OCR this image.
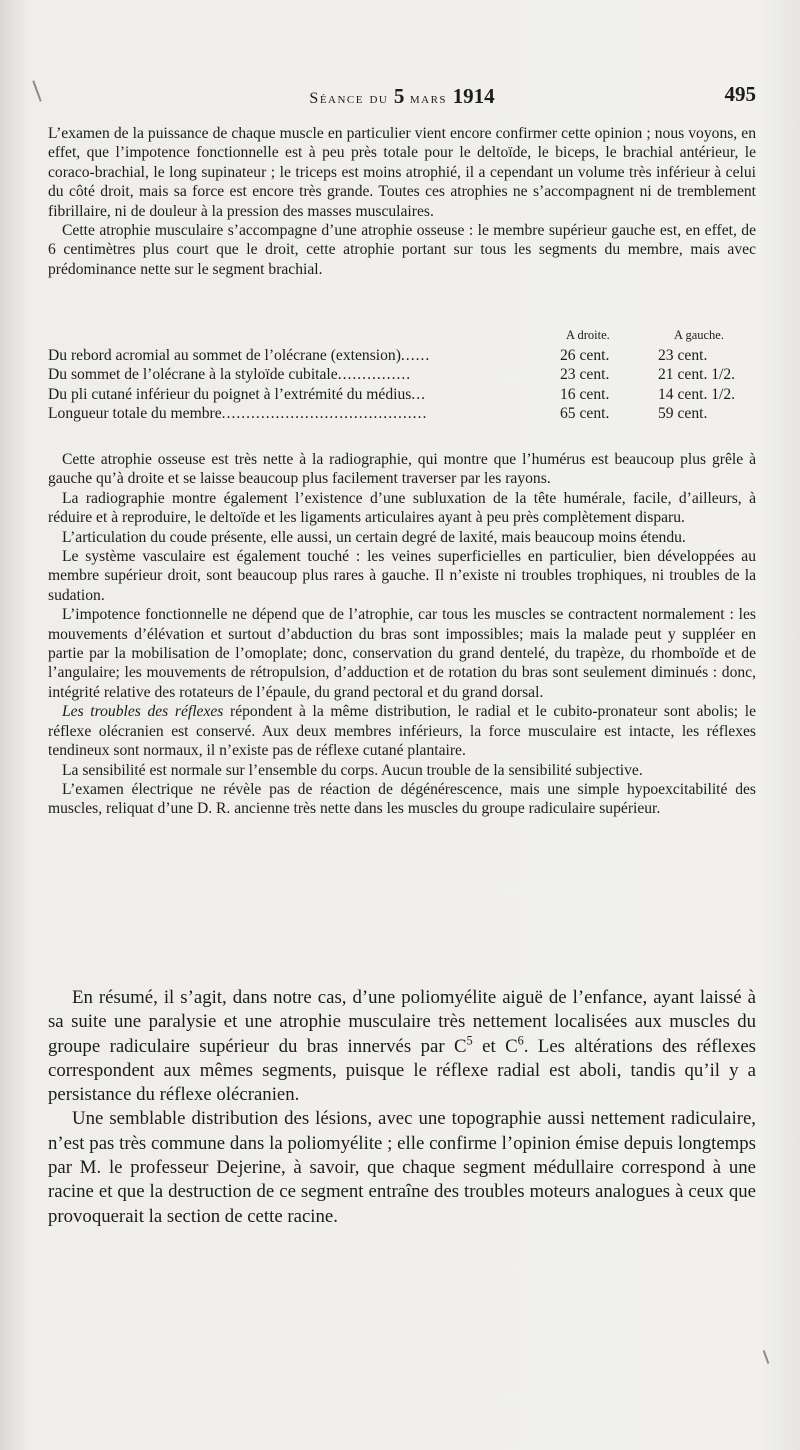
Séance du 5 mars 1914	495

L’examen de la puissance de chaque muscle en particulier vient encore confirmer cette opinion ; nous voyons, en effet, que l’impotence fonctionnelle est à peu près totale pour le deltoïde, le biceps, le brachial antérieur, le coraco-brachial, le long supinateur ; le triceps est moins atrophié, il a cependant un volume très inférieur à celui du côté droit, mais sa force est encore très grande. Toutes ces atrophies ne s’accompagnent ni de tremblement fibrillaire, ni de douleur à la pression des masses musculaires.

Cette atrophie musculaire s’accompagne d’une atrophie osseuse : le membre supérieur gauche est, en effet, de 6 centimètres plus court que le droit, cette atrophie portant sur tous les segments du membre, mais avec prédominance nette sur le segment brachial.

A droite.	A gauche.
Du rebord acromial au sommet de l’olécrane (extension)......	26 cent.	23 cent.
Du sommet de l’olécrane à la styloïde cubitale...............	23 cent.	21 cent. 1/2.
Du pli cutané inférieur du poignet à l’extrémité du médius...	16 cent.	14 cent. 1/2.
Longueur totale du membre..........................................	65 cent.	59 cent.

Cette atrophie osseuse est très nette à la radiographie, qui montre que l’humérus est beaucoup plus grêle à gauche qu’à droite et se laisse beaucoup plus facilement traverser par les rayons.

La radiographie montre également l’existence d’une subluxation de la tête humérale, facile, d’ailleurs, à réduire et à reproduire, le deltoïde et les ligaments articulaires ayant à peu près complètement disparu.

L’articulation du coude présente, elle aussi, un certain degré de laxité, mais beaucoup moins étendu.

Le système vasculaire est également touché : les veines superficielles en particulier, bien développées au membre supérieur droit, sont beaucoup plus rares à gauche. Il n’existe ni troubles trophiques, ni troubles de la sudation.

L’impotence fonctionnelle ne dépend que de l’atrophie, car tous les muscles se contractent normalement : les mouvements d’élévation et surtout d’abduction du bras sont impossibles; mais la malade peut y suppléer en partie par la mobilisation de l’omoplate; donc, conservation du grand dentelé, du trapèze, du rhomboïde et de l’angulaire; les mouvements de rétropulsion, d’adduction et de rotation du bras sont seulement diminués : donc, intégrité relative des rotateurs de l’épaule, du grand pectoral et du grand dorsal.

Les troubles des réflexes répondent à la même distribution, le radial et le cubito-pronateur sont abolis; le réflexe olécranien est conservé. Aux deux membres inférieurs, la force musculaire est intacte, les réflexes tendineux sont normaux, il n’existe pas de réflexe cutané plantaire.

La sensibilité est normale sur l’ensemble du corps. Aucun trouble de la sensibilité subjective.

L’examen électrique ne révèle pas de réaction de dégénérescence, mais une simple hypoexcitabilité des muscles, reliquat d’une D. R. ancienne très nette dans les muscles du groupe radiculaire supérieur.

En résumé, il s’agit, dans notre cas, d’une poliomyélite aiguë de l’enfance, ayant laissé à sa suite une paralysie et une atrophie musculaire très nettement localisées aux muscles du groupe radiculaire supérieur du bras innervés par $C^5$ et $C^6$. Les altérations des réflexes correspondent aux mêmes segments, puisque le réflexe radial est aboli, tandis qu’il y a persistance du réflexe olécranien.

Une semblable distribution des lésions, avec une topographie aussi nettement radiculaire, n’est pas très commune dans la poliomyélite ; elle confirme l’opinion émise depuis longtemps par M. le professeur Dejerine, à savoir, que chaque segment médullaire correspond à une racine et que la destruction de ce segment entraîne des troubles moteurs analogues à ceux que provoquerait la section de cette racine.
